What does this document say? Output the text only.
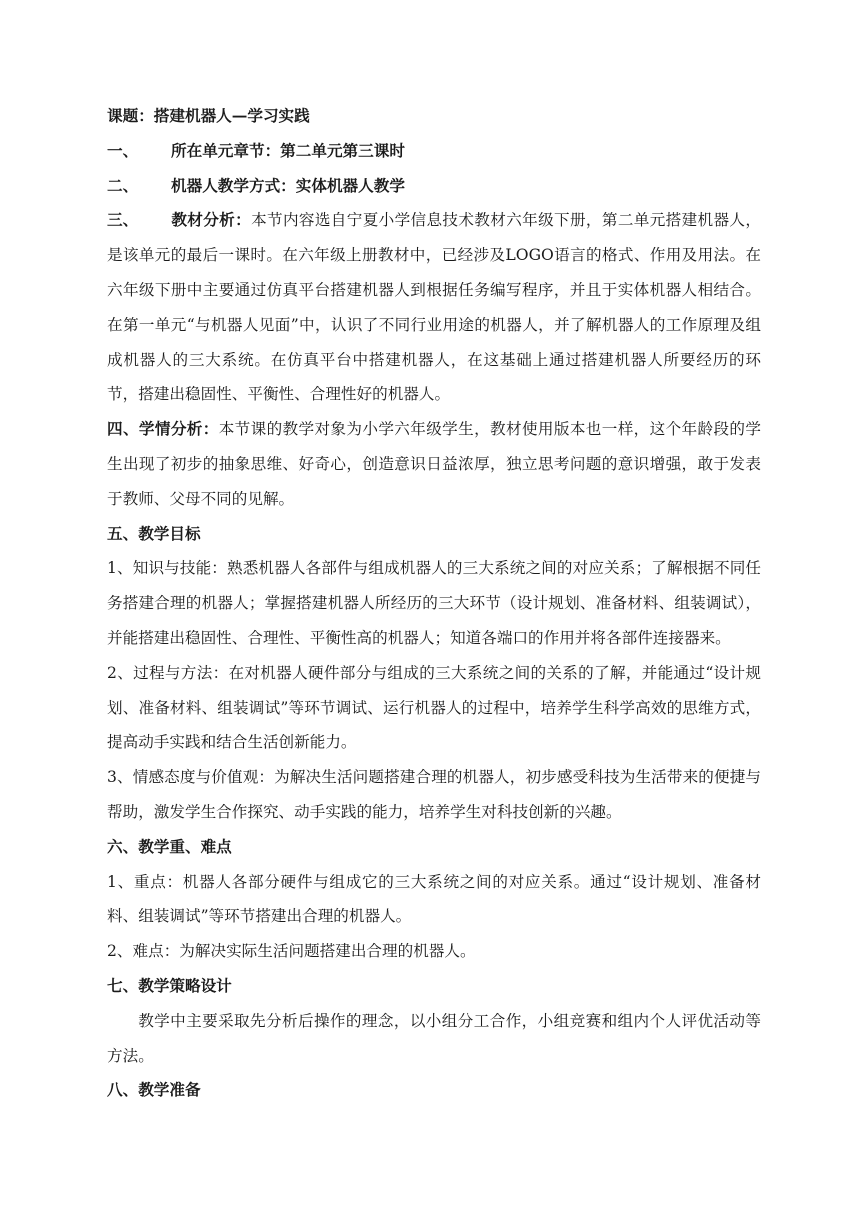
课题：搭建机器人—学习实践

一、 所在单元章节：第二单元第三课时

二、 机器人教学方式：实体机器人教学

三、 教材分析：本节内容选自宁夏小学信息技术教材六年级下册，第二单元搭建机器人，是该单元的最后一课时。在六年级上册教材中，已经涉及LOGO语言的格式、作用及用法。在六年级下册中主要通过仿真平台搭建机器人到根据任务编写程序，并且于实体机器人相结合。在第一单元“与机器人见面”中，认识了不同行业用途的机器人，并了解机器人的工作原理及组成机器人的三大系统。在仿真平台中搭建机器人，在这基础上通过搭建机器人所要经历的环节，搭建出稳固性、平衡性、合理性好的机器人。

四、学情分析：本节课的教学对象为小学六年级学生，教材使用版本也一样，这个年龄段的学生出现了初步的抽象思维、好奇心，创造意识日益浓厚，独立思考问题的意识增强，敢于发表于教师、父母不同的见解。

五、教学目标

1、知识与技能：熟悉机器人各部件与组成机器人的三大系统之间的对应关系；了解根据不同任务搭建合理的机器人；掌握搭建机器人所经历的三大环节（设计规划、准备材料、组装调试），并能搭建出稳固性、合理性、平衡性高的机器人；知道各端口的作用并将各部件连接器来。

2、过程与方法：在对机器人硬件部分与组成的三大系统之间的关系的了解，并能通过“设计规划、准备材料、组装调试”等环节调试、运行机器人的过程中，培养学生科学高效的思维方式，提高动手实践和结合生活创新能力。

3、情感态度与价值观：为解决生活问题搭建合理的机器人，初步感受科技为生活带来的便捷与帮助，激发学生合作探究、动手实践的能力，培养学生对科技创新的兴趣。

六、教学重、难点

1、重点：机器人各部分硬件与组成它的三大系统之间的对应关系。通过“设计规划、准备材料、组装调试”等环节搭建出合理的机器人。

2、难点：为解决实际生活问题搭建出合理的机器人。

七、教学策略设计

教学中主要采取先分析后操作的理念，以小组分工合作，小组竞赛和组内个人评优活动等方法。

八、教学准备
